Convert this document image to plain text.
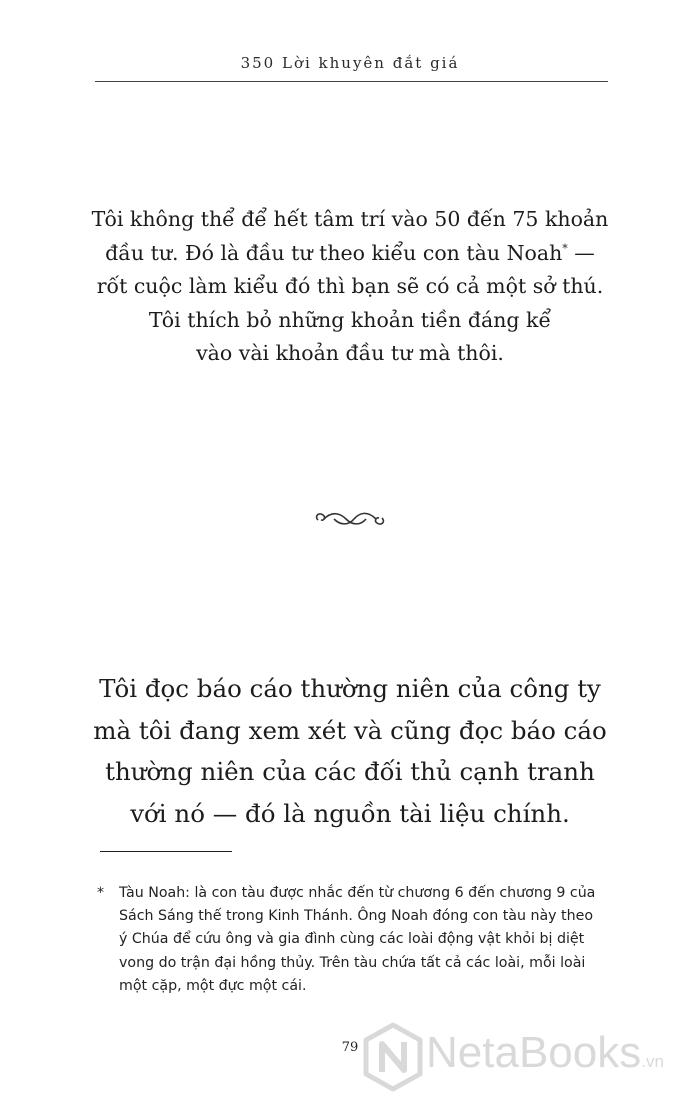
350 Lời khuyên đắt giá
Tôi không thể để hết tâm trí vào 50 đến 75 khoản
đầu tư. Đó là đầu tư theo kiểu con tàu Noah* —
rốt cuộc làm kiểu đó thì bạn sẽ có cả một sở thú.
Tôi thích bỏ những khoản tiền đáng kể
vào vài khoản đầu tư mà thôi.
Tôi đọc báo cáo thường niên của công ty
mà tôi đang xem xét và cũng đọc báo cáo
thường niên của các đối thủ cạnh tranh
với nó — đó là nguồn tài liệu chính.
* Tàu Noah: là con tàu được nhắc đến từ chương 6 đến chương 9 của
Sách Sáng thế trong Kinh Thánh. Ông Noah đóng con tàu này theo
ý Chúa để cứu ông và gia đình cùng các loài động vật khỏi bị diệt
vong do trận đại hồng thủy. Trên tàu chứa tất cả các loài, mỗi loài
một cặp, một đực một cái.
79	NetaBooks.vn
